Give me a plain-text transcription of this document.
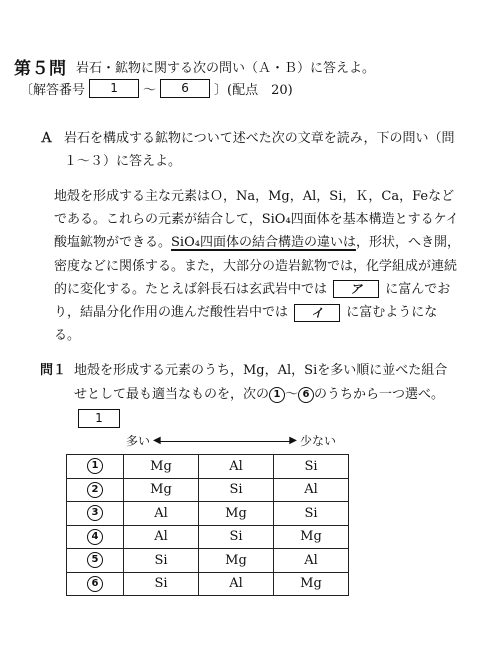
第５問 岩石・鉱物に関する次の問い（Ａ・Ｂ）に答えよ。
〔解答番号	1	〜	6	〕(配点　20)
Ａ 岩石を構成する鉱物について述べた次の文章を読み，下の問い（問１～３）に答えよ。

地殻を形成する主な元素はＯ，Na，Mg，Al，Si，Ｋ，Ca，Feなどである。これらの元素が結合して，SiO₄四面体を基本構造とするケイ酸塩鉱物ができる。SiO₄四面体の結合構造の違いは，形状，へき開，密度などに関係する。また，大部分の造岩鉱物では，化学組成が連続的に変化する。たとえば斜長石は玄武岩中では ア に富んでおり，結晶分化作用の進んだ酸性岩中では イ に富むようになる。

問１ 地殻を形成する元素のうち，Mg，Al，Siを多い順に並べた組合せとして最も適当なものを，次の 1 ～ 6 のうちから一つ選べ。 1
多い ◀	▶ 少ない
1	Mg	Al	Si
2	Mg	Si	Al
3	Al	Mg	Si
4	Al	Si	Mg
5	Si	Mg	Al
6	Si	Al	Mg
